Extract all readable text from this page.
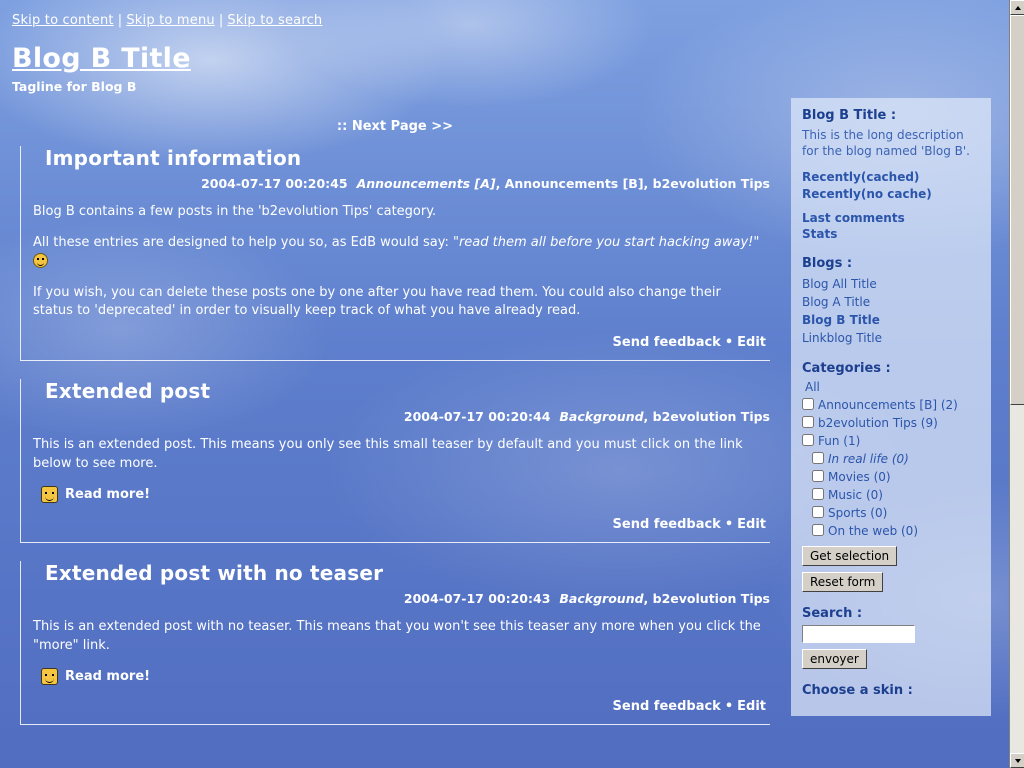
Skip to content | Skip to menu | Skip to search
Blog B Title
Tagline for Blog B
:: Next Page >>
Important information
2004-07-17 00:20:45 Announcements [A], Announcements [B], b2evolution Tips

Blog B contains a few posts in the 'b2evolution Tips' category.

All these entries are designed to help you so, as EdB would say: "read them all before you start hacking away!"

If you wish, you can delete these posts one by one after you have read them. You could also change their status to 'deprecated' in order to visually keep track of what you have already read.

Send feedback • Edit
Extended post
2004-07-17 00:20:44 Background, b2evolution Tips

This is an extended post. This means you only see this small teaser by default and you must click on the link below to see more.

Read more!
Send feedback • Edit
Extended post with no teaser
2004-07-17 00:20:43 Background, b2evolution Tips

This is an extended post with no teaser. This means that you won't see this teaser any more when you click the "more" link.

Read more!
Send feedback • Edit
Blog B Title :

This is the long description for the blog named 'Blog B'.

Recently(cached)
Recently(no cache)
Last comments
Stats
Blogs :
Blog All Title
Blog A Title
Blog B Title
Linkblog Title
Categories :
All
Announcements [B] (2)
b2evolution Tips (9)
Fun (1)
In real life (0)
Movies (0)
Music (0)
Sports (0)
On the web (0)
Get selection
Reset form
Search :
envoyer
Choose a skin :
